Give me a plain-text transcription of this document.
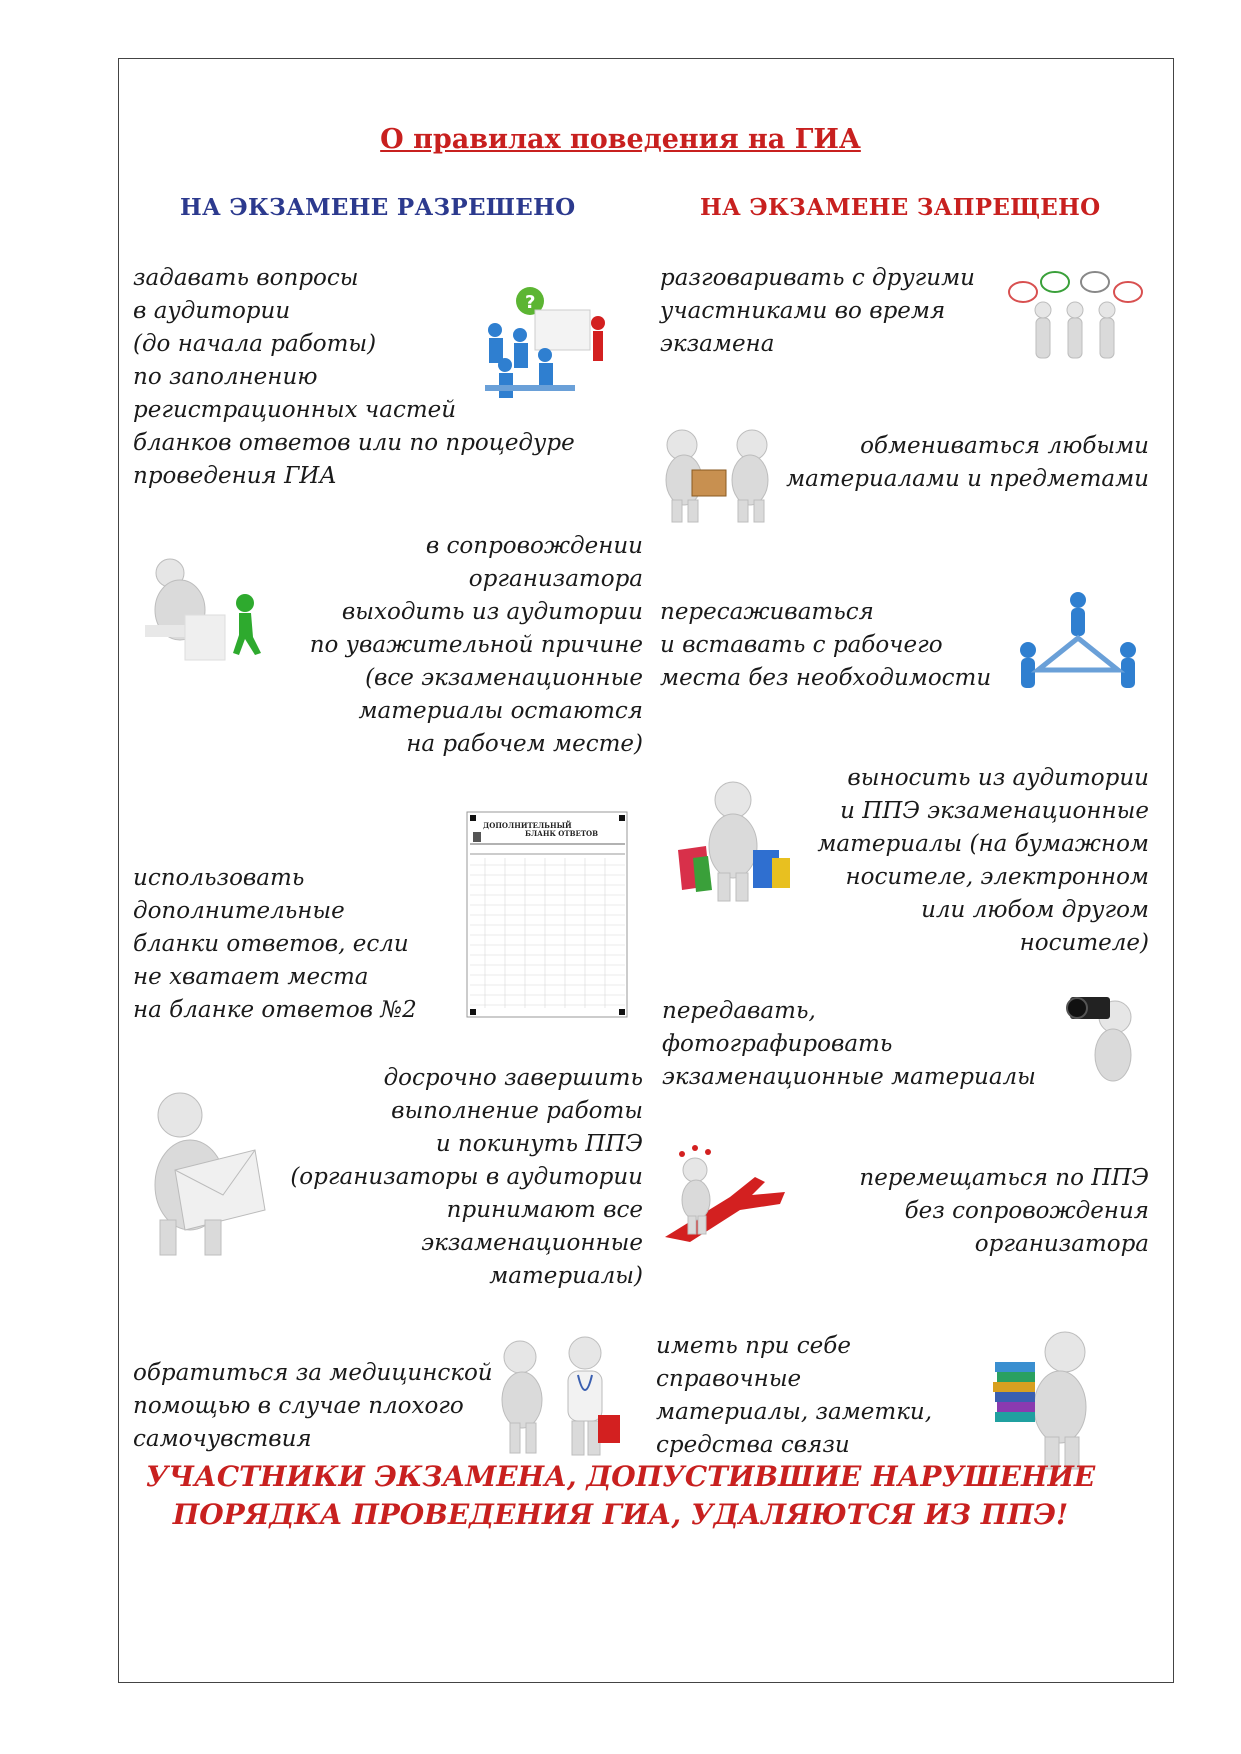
О правилах поведения на ГИА
НА ЭКЗАМЕНЕ РАЗРЕШЕНО	НА ЭКЗАМЕНЕ ЗАПРЕЩЕНО
задавать вопросы
в аудитории
(до начала работы)
по заполнению
регистрационных частей
бланков ответов или по процедуре
проведения ГИА
?
в сопровождении
организатора
выходить из аудитории
по уважительной причине
(все экзаменационные
материалы остаются
на рабочем месте)
использовать
дополнительные
бланки ответов, если
не хватает места
на бланке ответов №2
ДОПОЛНИТЕЛЬНЫЙ
БЛАНК ОТВЕТОВ
досрочно завершить
выполнение работы
и покинуть ППЭ
(организаторы в аудитории
принимают все
экзаменационные
материалы)
обратиться за медицинской
помощью в случае плохого
самочувствия
разговаривать с другими
участниками во время
экзамена
обмениваться любыми
материалами и предметами
пересаживаться
и вставать с рабочего
места без необходимости
выносить из аудитории
и ППЭ экзаменационные
материалы (на бумажном
носителе, электронном
или любом другом
носителе)
передавать,
фотографировать
экзаменационные материалы
перемещаться по ППЭ
без сопровождения
организатора
иметь при себе
справочные
материалы, заметки,
средства связи
УЧАСТНИКИ ЭКЗАМЕНА, ДОПУСТИВШИЕ НАРУШЕНИЕ
ПОРЯДКА ПРОВЕДЕНИЯ ГИА, УДАЛЯЮТСЯ ИЗ ППЭ!
